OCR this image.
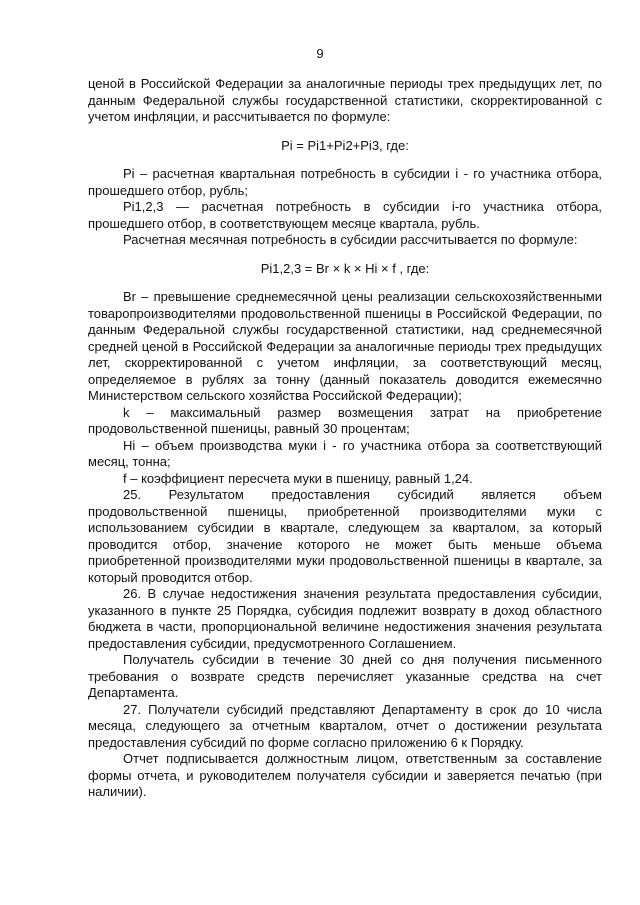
9

ценой в Российской Федерации за аналогичные периоды трех предыдущих лет, по данным Федеральной службы государственной статистики, скорректированной с учетом инфляции, и рассчитывается по формуле:

Pi = Pi1+Pi2+Pi3, где:

Pi – расчетная квартальная потребность в субсидии i - го участника отбора, прошедшего отбор, рубль;

Pi1,2,3 — расчетная потребность в субсидии i-го участника отбора, прошедшего отбор, в соответствующем месяце квартала, рубль.

Расчетная месячная потребность в субсидии рассчитывается по формуле:

Pi1,2,3 = Br × k × Hi × f , где:

Br – превышение среднемесячной цены реализации сельскохозяйственными товаропроизводителями продовольственной пшеницы в Российской Федерации, по данным Федеральной службы государственной статистики, над среднемесячной средней ценой в Российской Федерации за аналогичные периоды трех предыдущих лет, скорректированной с учетом инфляции, за соответствующий месяц, определяемое в рублях за тонну (данный показатель доводится ежемесячно Министерством сельского хозяйства Российской Федерации);

k – максимальный размер возмещения затрат на приобретение продовольственной пшеницы, равный 30 процентам;

Hi – объем производства муки i - го участника отбора за соответствующий месяц, тонна;

f – коэффициент пересчета муки в пшеницу, равный 1,24.

25. Результатом предоставления субсидий является объем продовольственной пшеницы, приобретенной производителями муки с использованием субсидии в квартале, следующем за кварталом, за который проводится отбор, значение которого не может быть меньше объема приобретенной производителями муки продовольственной пшеницы в квартале, за который проводится отбор.

26. В случае недостижения значения результата предоставления субсидии, указанного в пункте 25 Порядка, субсидия подлежит возврату в доход областного бюджета в части, пропорциональной величине недостижения значения результата предоставления субсидии, предусмотренного Соглашением.

Получатель субсидии в течение 30 дней со дня получения письменного требования о возврате средств перечисляет указанные средства на счет Департамента.

27. Получатели субсидий представляют Департаменту в срок до 10 числа месяца, следующего за отчетным кварталом, отчет о достижении результата предоставления субсидий по форме согласно приложению 6 к Порядку.

Отчет подписывается должностным лицом, ответственным за составление формы отчета, и руководителем получателя субсидии и заверяется печатью (при наличии).
